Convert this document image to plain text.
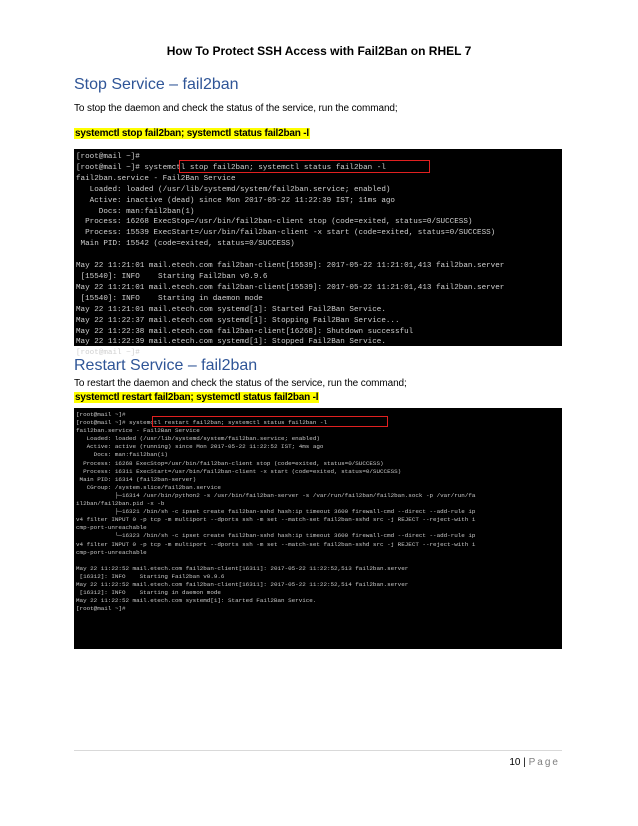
How To Protect SSH Access with Fail2Ban on RHEL 7
Stop Service – fail2ban
To stop the daemon and check the status of the service, run the command;
systemctl stop fail2ban; systemctl status fail2ban -l
[root@mail ~]#
[root@mail ~]# systemctl stop fail2ban; systemctl status fail2ban -l
fail2ban.service - Fail2Ban Service
Loaded: loaded (/usr/lib/systemd/system/fail2ban.service; enabled)
Active: inactive (dead) since Mon 2017-05-22 11:22:39 IST; 11ms ago
Docs: man:fail2ban(1)
Process: 16268 ExecStop=/usr/bin/fail2ban-client stop (code=exited, status=0/SUCCESS)
Process: 15539 ExecStart=/usr/bin/fail2ban-client -x start (code=exited, status=0/SUCCESS)
Main PID: 15542 (code=exited, status=0/SUCCESS)

May 22 11:21:01 mail.etech.com fail2ban-client[15539]: 2017-05-22 11:21:01,413 fail2ban.server
[15540]: INFO    Starting Fail2ban v0.9.6
May 22 11:21:01 mail.etech.com fail2ban-client[15539]: 2017-05-22 11:21:01,413 fail2ban.server
[15540]: INFO    Starting in daemon mode
May 22 11:21:01 mail.etech.com systemd[1]: Started Fail2Ban Service.
May 22 11:22:37 mail.etech.com systemd[1]: Stopping Fail2Ban Service...
May 22 11:22:38 mail.etech.com fail2ban-client[16268]: Shutdown successful
May 22 11:22:39 mail.etech.com systemd[1]: Stopped Fail2Ban Service.
[root@mail ~]#
Restart Service – fail2ban
To restart the daemon and check the status of the service, run the command;
[root@mail ~]#
[root@mail ~]# systemctl restart fail2ban; systemctl status fail2ban -l
fail2ban.service - Fail2Ban Service
Loaded: loaded (/usr/lib/systemd/system/fail2ban.service; enabled)
Active: active (running) since Mon 2017-05-22 11:22:52 IST; 4ms ago
Docs: man:fail2ban(1)
Process: 16268 ExecStop=/usr/bin/fail2ban-client stop (code=exited, status=0/SUCCESS)
Process: 16311 ExecStart=/usr/bin/fail2ban-client -x start (code=exited, status=0/SUCCESS)
Main PID: 16314 (fail2ban-server)
CGroup: /system.slice/fail2ban.service
├─16314 /usr/bin/python2 -s /usr/bin/fail2ban-server -s /var/run/fail2ban/fail2ban.sock -p /var/run/fa
il2ban/fail2ban.pid -x -b
├─16321 /bin/sh -c ipset create fail2ban-sshd hash:ip timeout 3600 firewall-cmd --direct --add-rule ip
v4 filter INPUT 0 -p tcp -m multiport --dports ssh -m set --match-set fail2ban-sshd src -j REJECT --reject-with i
cmp-port-unreachable
└─16323 /bin/sh -c ipset create fail2ban-sshd hash:ip timeout 3600 firewall-cmd --direct --add-rule ip
v4 filter INPUT 0 -p tcp -m multiport --dports ssh -m set --match-set fail2ban-sshd src -j REJECT --reject-with i
cmp-port-unreachable

May 22 11:22:52 mail.etech.com fail2ban-client[16311]: 2017-05-22 11:22:52,513 fail2ban.server
[16312]: INFO    Starting Fail2ban v0.9.6
May 22 11:22:52 mail.etech.com fail2ban-client[16311]: 2017-05-22 11:22:52,514 fail2ban.server
[16312]: INFO    Starting in daemon mode
May 22 11:22:52 mail.etech.com systemd[1]: Started Fail2Ban Service.
[root@mail ~]#
10 | Page
systemctl restart fail2ban; systemctl status fail2ban -l
